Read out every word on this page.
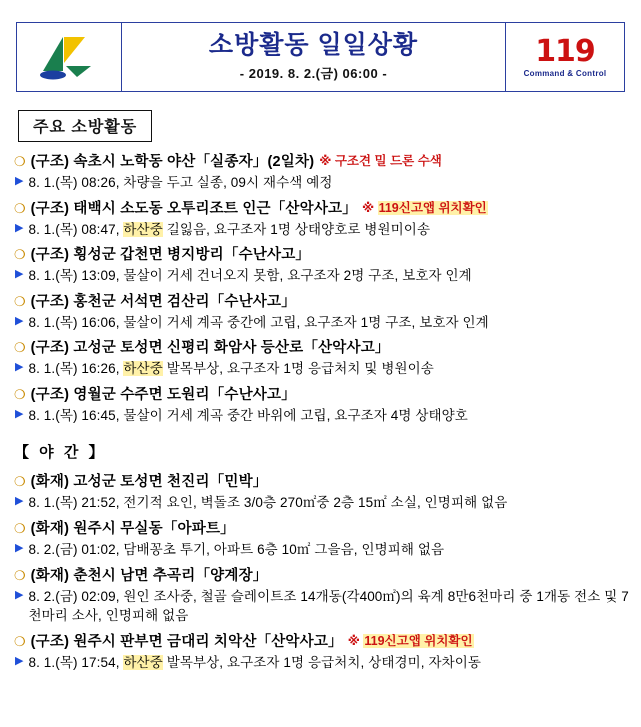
소방활동 일일상황
- 2019. 8. 2.(금) 06:00 -
119
Command & Control
주요 소방활동
❍ (구조) 속초시 노학동 야산「실종자」(2일차) ※ 구조견 밀 드론 수색
▶ 8. 1.(목) 08:26, 차량을 두고 실종, 09시 재수색 예정
❍ (구조) 태백시 소도동 오투리조트 인근「산악사고」 ※ 119신고앱 위치확인
▶ 8. 1.(목) 08:47, 하산중 길잃음, 요구조자 1명 상태양호로 병원미이송
❍ (구조) 횡성군 갑천면 병지방리「수난사고」
▶ 8. 1.(목) 13:09, 물살이 거세 건너오지 못함, 요구조자 2명 구조, 보호자 인계
❍ (구조) 홍천군 서석면 검산리「수난사고」
▶ 8. 1.(목) 16:06, 물살이 거세 계곡 중간에 고립, 요구조자 1명 구조, 보호자 인계
❍ (구조) 고성군 토성면 신평리 화암사 등산로「산악사고」
▶ 8. 1.(목) 16:26, 하산중 발목부상, 요구조자 1명 응급처치 및 병원이송
❍ (구조) 영월군 수주면 도원리「수난사고」
▶ 8. 1.(목) 16:45, 물살이 거세 계곡 중간 바위에 고립, 요구조자 4명 상태양호
【 야 간 】
❍ (화재) 고성군 토성면 천진리「민박」
▶ 8. 1.(목) 21:52, 전기적 요인, 벽돌조 3/0층 270㎡중 2층 15㎡ 소실, 인명피해 없음
❍ (화재) 원주시 무실동「아파트」
▶ 8. 2.(금) 01:02, 담배꽁초 투기, 아파트 6층 10㎡ 그을음, 인명피해 없음
❍ (화재) 춘천시 남면 추곡리「양계장」
▶ 8. 2.(금) 02:09, 원인 조사중, 철골 슬레이트조 14개동(각400㎡)의 육계 8만6천마리 중 1개동 전소 및 7천마리 소사, 인명피해 없음
❍ (구조) 원주시 판부면 금대리 치악산「산악사고」 ※ 119신고앱 위치확인
▶ 8. 1.(목) 17:54, 하산중 발목부상, 요구조자 1명 응급처치, 상태경미, 자차이동
